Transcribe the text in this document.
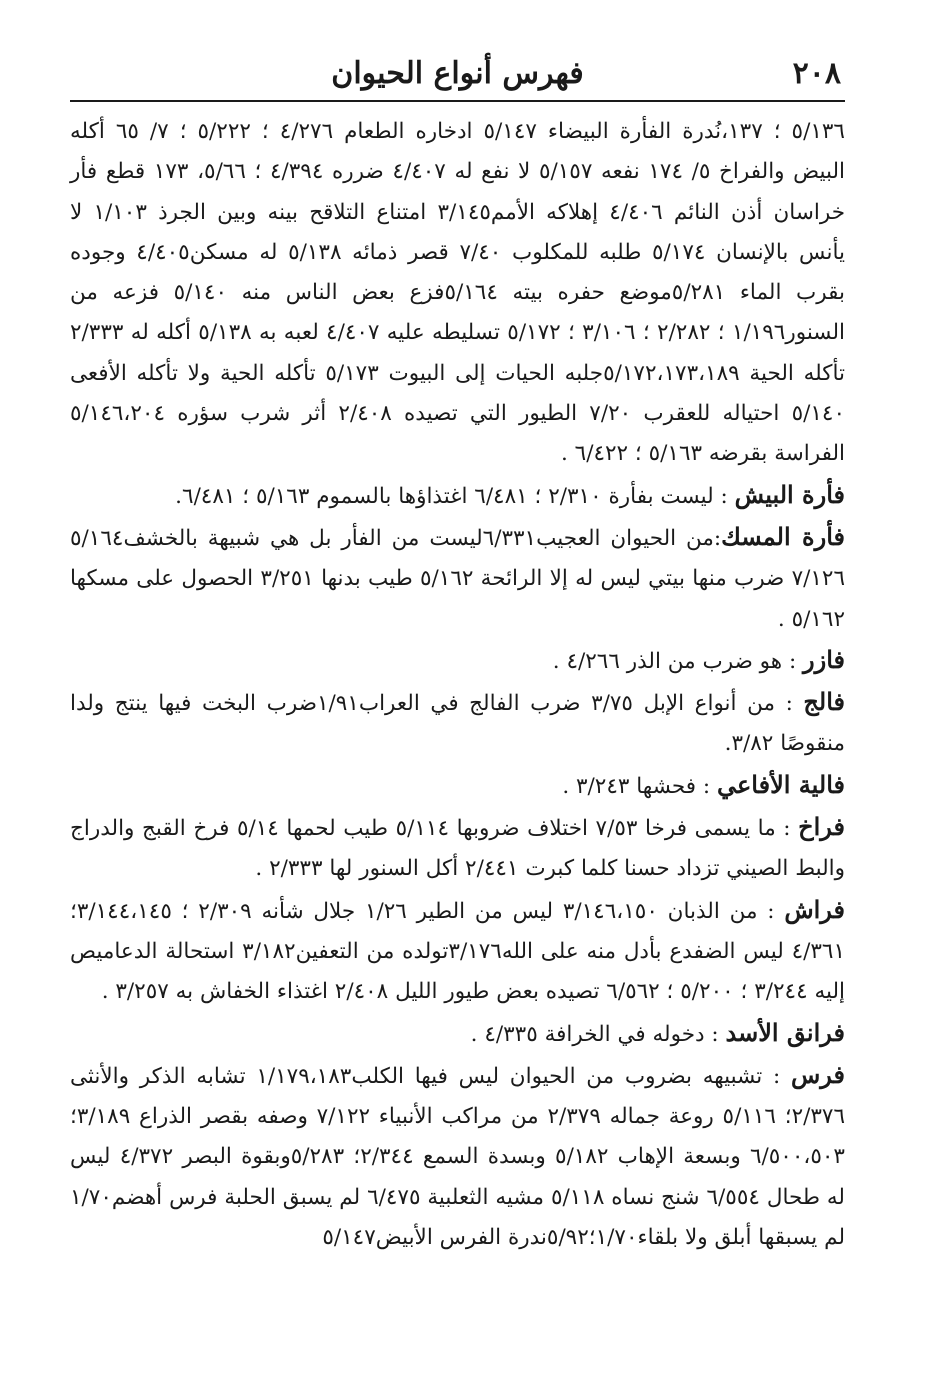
٢٠٨
فهرس أنواع الحيوان

٥/١٣٦ ؛ ١٣٧،نُدرة الفأرة البيضاء ٥/١٤٧ ادخاره الطعام ٤/٢٧٦ ؛ ٥/٢٢٢ ؛ ٧/ ٦٥ أكله البيض والفراخ ٥/ ١٧٤ نفعه ٥/١٥٧ لا نفع له ٤/٤٠٧ ضرره ٤/٣٩٤ ؛ ٥/٦٦، ١٧٣ قطع فأر خراسان أذن النائم ٤/٤٠٦ إهلاكه الأمم٣/١٤٥ امتناع التلاقح بينه وبين الجرذ ١/١٠٣ لا يأنس بالإنسان ٥/١٧٤ طلبه للمكلوب ٧/٤٠ قصر ذمائه ٥/١٣٨ له مسكن٤/٤٠٥ وجوده بقرب الماء ٥/٢٨١موضع حفره بيته ٥/١٦٤فزع بعض الناس منه ٥/١٤٠ فزعه من السنور١/١٩٦ ؛ ٢/٢٨٢ ؛ ٣/١٠٦ ؛ ٥/١٧٢ تسليطه عليه ٤/٤٠٧ لعبه به ٥/١٣٨ أكله له ٢/٣٣٣ تأكله الحية ٥/١٧٢،١٧٣،١٨٩جلبه الحيات إلى البيوت ٥/١٧٣ تأكله الحية ولا تأكله الأفعى ٥/١٤٠ احتياله للعقرب ٧/٢٠ الطيور التي تصيده ٢/٤٠٨ أثر شرب سؤره ٥/١٤٦،٢٠٤ الفراسة بقرضه ٥/١٦٣ ؛ ٦/٤٢٢ .

فأرة البيش : ليست بفأرة ٢/٣١٠ ؛ ٦/٤٨١ اغتذاؤها بالسموم ٥/١٦٣ ؛ ٦/٤٨١.

فأرة المسك:من الحيوان العجيب٦/٣٣١ليست من الفأر بل هي شبيهة بالخشف٥/١٦٤ ٧/١٢٦ ضرب منها بيتي ليس له إلا الرائحة ٥/١٦٢ طيب بدنها ٣/٢٥١ الحصول على مسكها ٥/١٦٢ .

فازر : هو ضرب من الذر ٤/٢٦٦ .

فالج : من أنواع الإبل ٣/٧٥ ضرب الفالج في العراب١/٩١ضرب البخت فيها ينتج ولدا منقوصًا ٣/٨٢.

فالية الأفاعي : فحشها ٣/٢٤٣ .

فراخ : ما يسمى فرخا ٧/٥٣ اختلاف ضروبها ٥/١١٤ طيب لحمها ٥/١٤ فرخ القبج والدراج والبط الصيني تزداد حسنا كلما كبرت ٢/٤٤١ أكل السنور لها ٢/٣٣٣ .

فراش : من الذبان ٣/١٤٦،١٥٠ ليس من الطير ١/٢٦ جلال شأنه ٢/٣٠٩ ؛ ٣/١٤٤،١٤٥؛٤/٣٦١ ليس الضفدع بأدل منه على الله٣/١٧٦تولده من التعفين٣/١٨٢ استحالة الدعاميص إليه ٣/٢٤٤ ؛ ٥/٢٠٠ ؛ ٦/٥٦٢ تصيده بعض طيور الليل ٢/٤٠٨ اغتذاء الخفاش به ٣/٢٥٧ .

فرانق الأسد : دخوله في الخرافة ٤/٣٣٥ .

فرس : تشبيهه بضروب من الحيوان ليس فيها الكلب١/١٧٩،١٨٣ تشابه الذكر والأنثى ٢/٣٧٦؛ ٥/١١٦ روعة جماله ٢/٣٧٩ من مراكب الأنبياء ٧/١٢٢ وصفه بقصر الذراع ٣/١٨٩؛ ٦/٥٠٠،٥٠٣ وبسعة الإهاب ٥/١٨٢ وبسدة السمع ٢/٣٤٤؛ ٥/٢٨٣وبقوة البصر ٤/٣٧٢ ليس له طحال ٦/٥٥٤ شنج نساه ٥/١١٨ مشيه الثعلبية ٦/٤٧٥ لم يسبق الحلبة فرس أهضم١/٧٠ لم يسبقها أبلق ولا بلقاء١/٧٠؛٥/٩٢ندرة الفرس الأبيض٥/١٤٧
